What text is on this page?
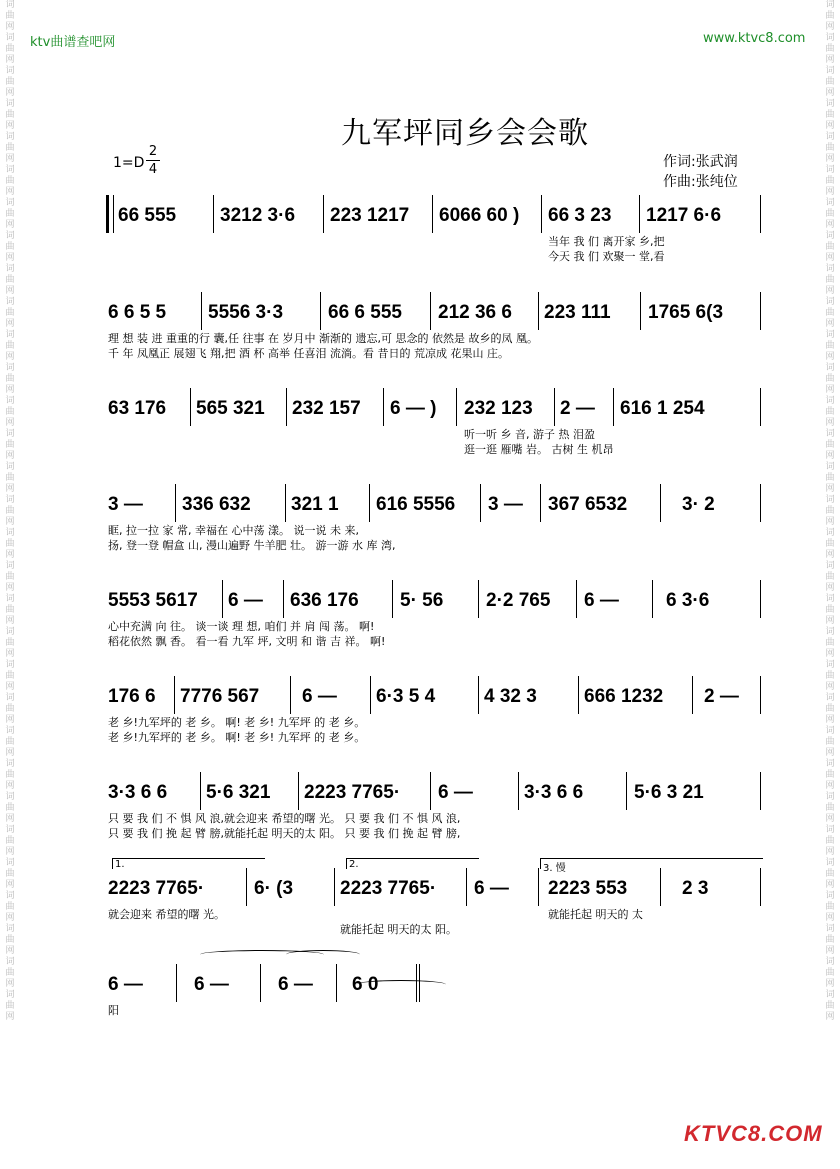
词曲网词曲网词曲网词曲网词曲网词曲网词曲网词曲网词曲网词曲网词曲网词曲网词曲网词曲网词曲网词曲网词曲网词曲网词曲网词曲网词曲网词曲网词曲网词曲网词曲网词曲网词曲网词曲网词曲网词曲网词曲网
词曲网词曲网词曲网词曲网词曲网词曲网词曲网词曲网词曲网词曲网词曲网词曲网词曲网词曲网词曲网词曲网词曲网词曲网词曲网词曲网词曲网词曲网词曲网词曲网词曲网词曲网词曲网词曲网词曲网词曲网词曲网
ktv曲谱查吧网	www.ktvc8.com
九军坪同乡会会歌
1=D
2
4	作词:张武润
作曲:张纯位
66 555 3212 3·6 223 1217 6066 60 ) 66 3 23 1217 6·6
当年 我 们 离开家 乡,把
今天 我 们 欢聚一 堂,看
6 6 5 5 5556 3·3 66 6 555 212 36 6 223 111 1765 6(3
理 想 装 进 重重的行 囊,任 往事 在 岁月中 渐渐的 遗忘,可 思念的 依然是 故乡的凤 凰。
千 年 凤凰正 展翅飞 翔,把 酒 杯 高举 任喜泪 流淌。看 昔日的 荒凉成 花果山 庄。
63 176 565 321 232 157 6 — ) 232 123 2 — 616 1 254
听一听 乡 音, 游子 热 泪盈
逛一逛 雁嘴 岩。 古树 生 机昂
3 — 336 632 321 1 616 5556 3 — 367 6532	3· 2
眶, 拉一拉 家 常, 幸福在 心中荡 漾。 说一说 未 来,
扬, 登一登 帽盒 山, 漫山遍野 牛羊肥 壮。 游一游 水 库 湾,
5553 5617 6 — 636 176 5· 56 2·2 765 6 — 6 3·6
心中充满 向 往。 谈一谈 理 想, 咱们 并 肩 闯 荡。 啊!
稻花依然 飘 香。 看一看 九军 坪, 文明 和 谐 吉 祥。 啊!
176 6 7776 567 6 — 6·3 5 4	4 32 3 666 1232 2 —
老 乡!九军坪的 老 乡。 啊! 老 乡! 九军坪 的 老 乡。
老 乡!九军坪的 老 乡。 啊! 老 乡! 九军坪 的 老 乡。
3·3 6 6 5·6 321 2223 7765· 6 —	3·3 6 6	5·6 3 21
只 要 我 们 不 惧 风 浪,就会迎来 希望的曙 光。 只 要 我 们 不 惧 风 浪,
只 要 我 们 挽 起 臂 膀,就能托起 明天的太 阳。 只 要 我 们 挽 起 臂 膀,
2223 7765·	6· (3 2223 7765· 6 — 2223 553	2 3
就会迎来 希望的曙 光。	就能托起 明天的 太
就能托起 明天的太 阳。
6 —	6 —	6 — 6 0
阳
1.	2.	3. 慢
KTVC8.COM
